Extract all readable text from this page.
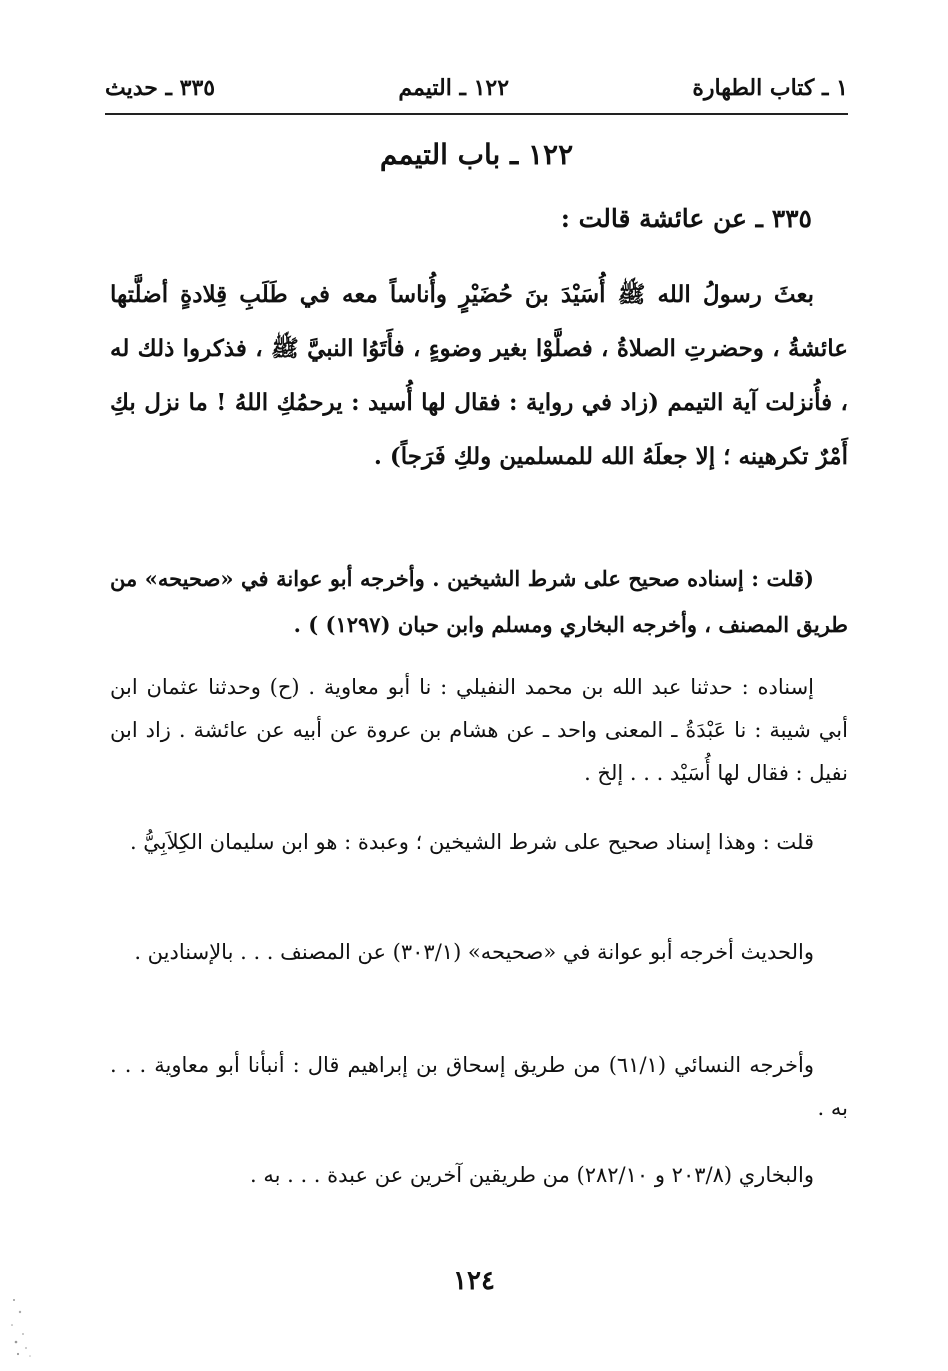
١ ـ كتاب الطهارة
١٢٢ ـ التيمم
٣٣٥ ـ حديث
١٢٢ ـ باب التيمم
٣٣٥ ـ عن عائشة قالت :
بعثَ رسولُ الله ﷺ أُسَيْدَ بنَ حُضَيْرٍ وأُناساً معه في طَلَبِ قِلادةٍ أضلَّتها عائشةُ ، وحضرتِ الصلاةُ ، فصلَّوْا بغير وضوءٍ ، فأَتَوُا النبيَّ ﷺ ، فذكروا ذلك له ، فأُنزلت آية التيمم (زاد في رواية : فقال لها أُسيد : يرحمُكِ اللهُ ! ما نزل بكِ أَمْرٌ تكرهينه ؛ إلا جعلَهُ الله للمسلمين ولكِ فَرَجاً) .
(قلت : إسناده صحيح على شرط الشيخين . وأخرجه أبو عوانة في «صحيحه» من طريق المصنف ، وأخرجه البخاري ومسلم وابن حبان (١٢٩٧) ) .
إسناده : حدثنا عبد الله بن محمد النفيلي : نا أبو معاوية . (ح) وحدثنا عثمان ابن أبي شيبة : نا عَبْدَةُ ـ المعنى واحد ـ عن هشام بن عروة عن أبيه عن عائشة . زاد ابن نفيل : فقال لها أُسَيْد . . . إلخ .
قلت : وهذا إسناد صحيح على شرط الشيخين ؛ وعبدة : هو ابن سليمان الكِلاَبِيُّ .
والحديث أخرجه أبو عوانة في «صحيحه» (٣٠٣/١) عن المصنف . . . بالإسنادين .
وأخرجه النسائي (٦١/١) من طريق إسحاق بن إبراهيم قال : أنبأنا أبو معاوية . . . به .
والبخاري (٢٠٣/٨ و ٢٨٢/١٠) من طريقين آخرين عن عبدة . . . به .
١٢٤
